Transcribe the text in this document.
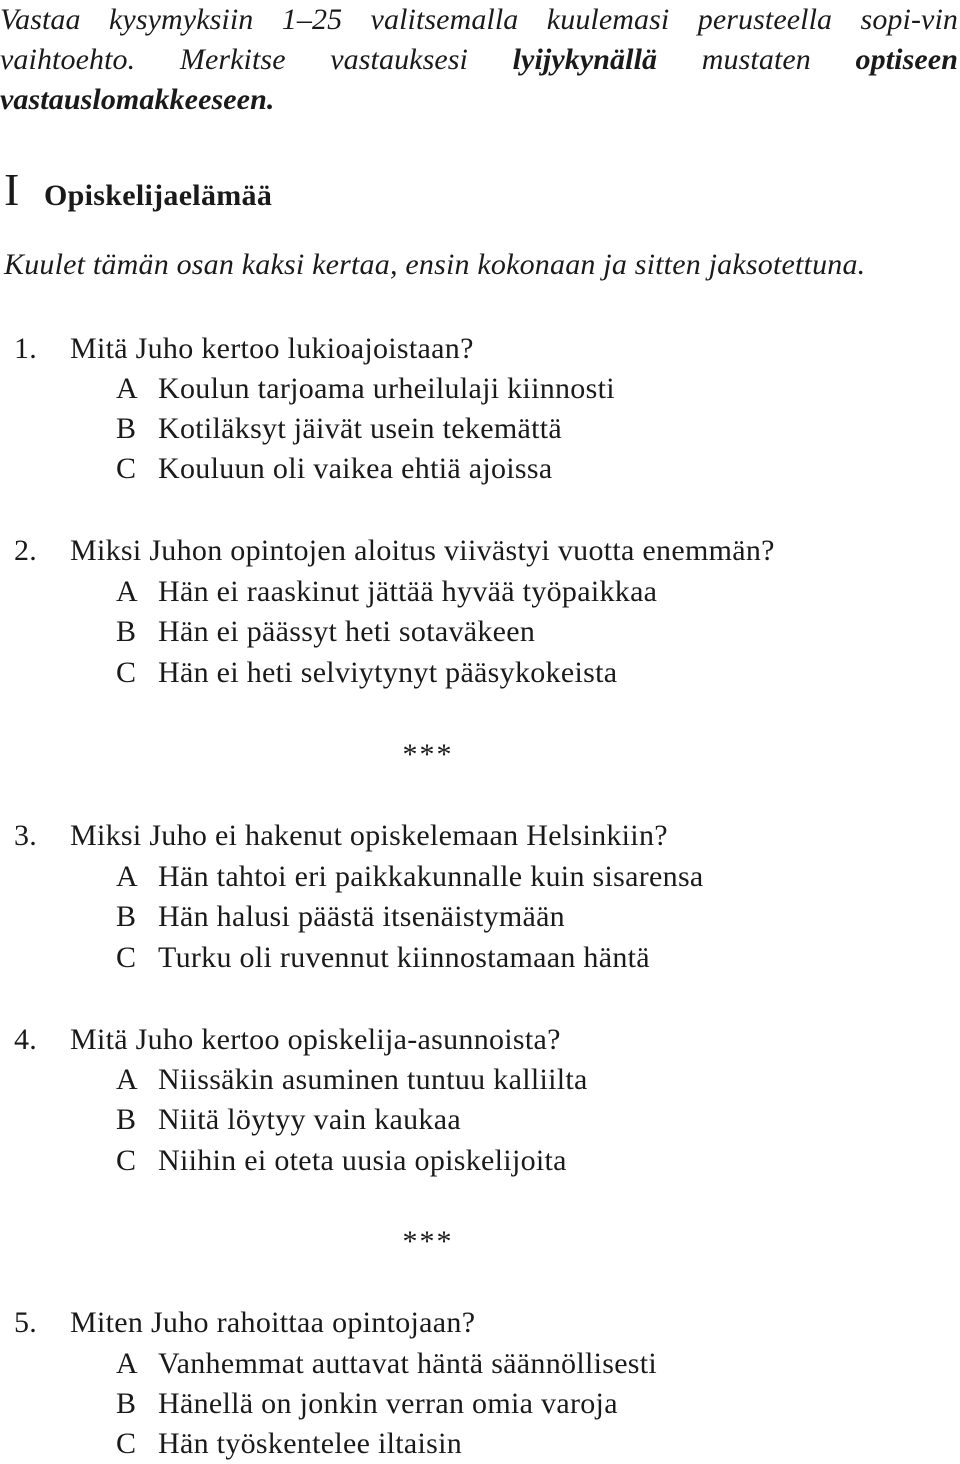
Vastaa kysymyksiin 1–25 valitsemalla kuulemasi perusteella sopi-vin vaihtoehto. Merkitse vastauksesi lyijykynällä mustaten optiseen vastauslomakkeeseen.
I Opiskelijaelämää
Kuulet tämän osan kaksi kertaa, ensin kokonaan ja sitten jaksotettuna.
1.	Mitä Juho kertoo lukioajoistaan?
A Koulun tarjoama urheilulaji kiinnosti
B Kotiläksyt jäivät usein tekemättä
C Kouluun oli vaikea ehtiä ajoissa
2.	Miksi Juhon opintojen aloitus viivästyi vuotta enemmän?
A Hän ei raaskinut jättää hyvää työpaikkaa
B Hän ei päässyt heti sotaväkeen
C Hän ei heti selviytynyt pääsykokeista
***
3.	Miksi Juho ei hakenut opiskelemaan Helsinkiin?
A Hän tahtoi eri paikkakunnalle kuin sisarensa
B Hän halusi päästä itsenäistymään
C Turku oli ruvennut kiinnostamaan häntä
4.	Mitä Juho kertoo opiskelija-asunnoista?
A Niissäkin asuminen tuntuu kalliilta
B Niitä löytyy vain kaukaa
C Niihin ei oteta uusia opiskelijoita
***
5.	Miten Juho rahoittaa opintojaan?
A Vanhemmat auttavat häntä säännöllisesti
B Hänellä on jonkin verran omia varoja
C Hän työskentelee iltaisin
